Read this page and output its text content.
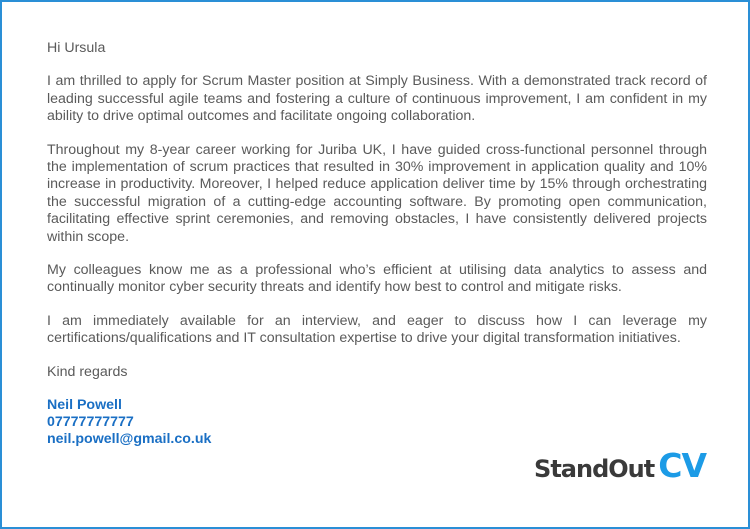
Hi Ursula

I am thrilled to apply for Scrum Master position at Simply Business. With a demonstrated track record of leading successful agile teams and fostering a culture of continuous improvement, I am confident in my ability to drive optimal outcomes and facilitate ongoing collaboration.

Throughout my 8-year career working for Juriba UK, I have guided cross-functional personnel through the implementation of scrum practices that resulted in 30% improvement in application quality and 10% increase in productivity. Moreover, I helped reduce application deliver time by 15% through orchestrating the successful migration of a cutting-edge accounting software. By promoting open communication, facilitating effective sprint ceremonies, and removing obstacles, I have consistently delivered projects within scope.

My colleagues know me as a professional who’s efficient at utilising data analytics to assess and continually monitor cyber security threats and identify how best to control and mitigate risks.

I am immediately available for an interview, and eager to discuss how I can leverage my certifications/qualifications and IT consultation expertise to drive your digital transformation initiatives.

Kind regards

Neil Powell
07777777777
neil.powell@gmail.co.uk
StandOut CV
